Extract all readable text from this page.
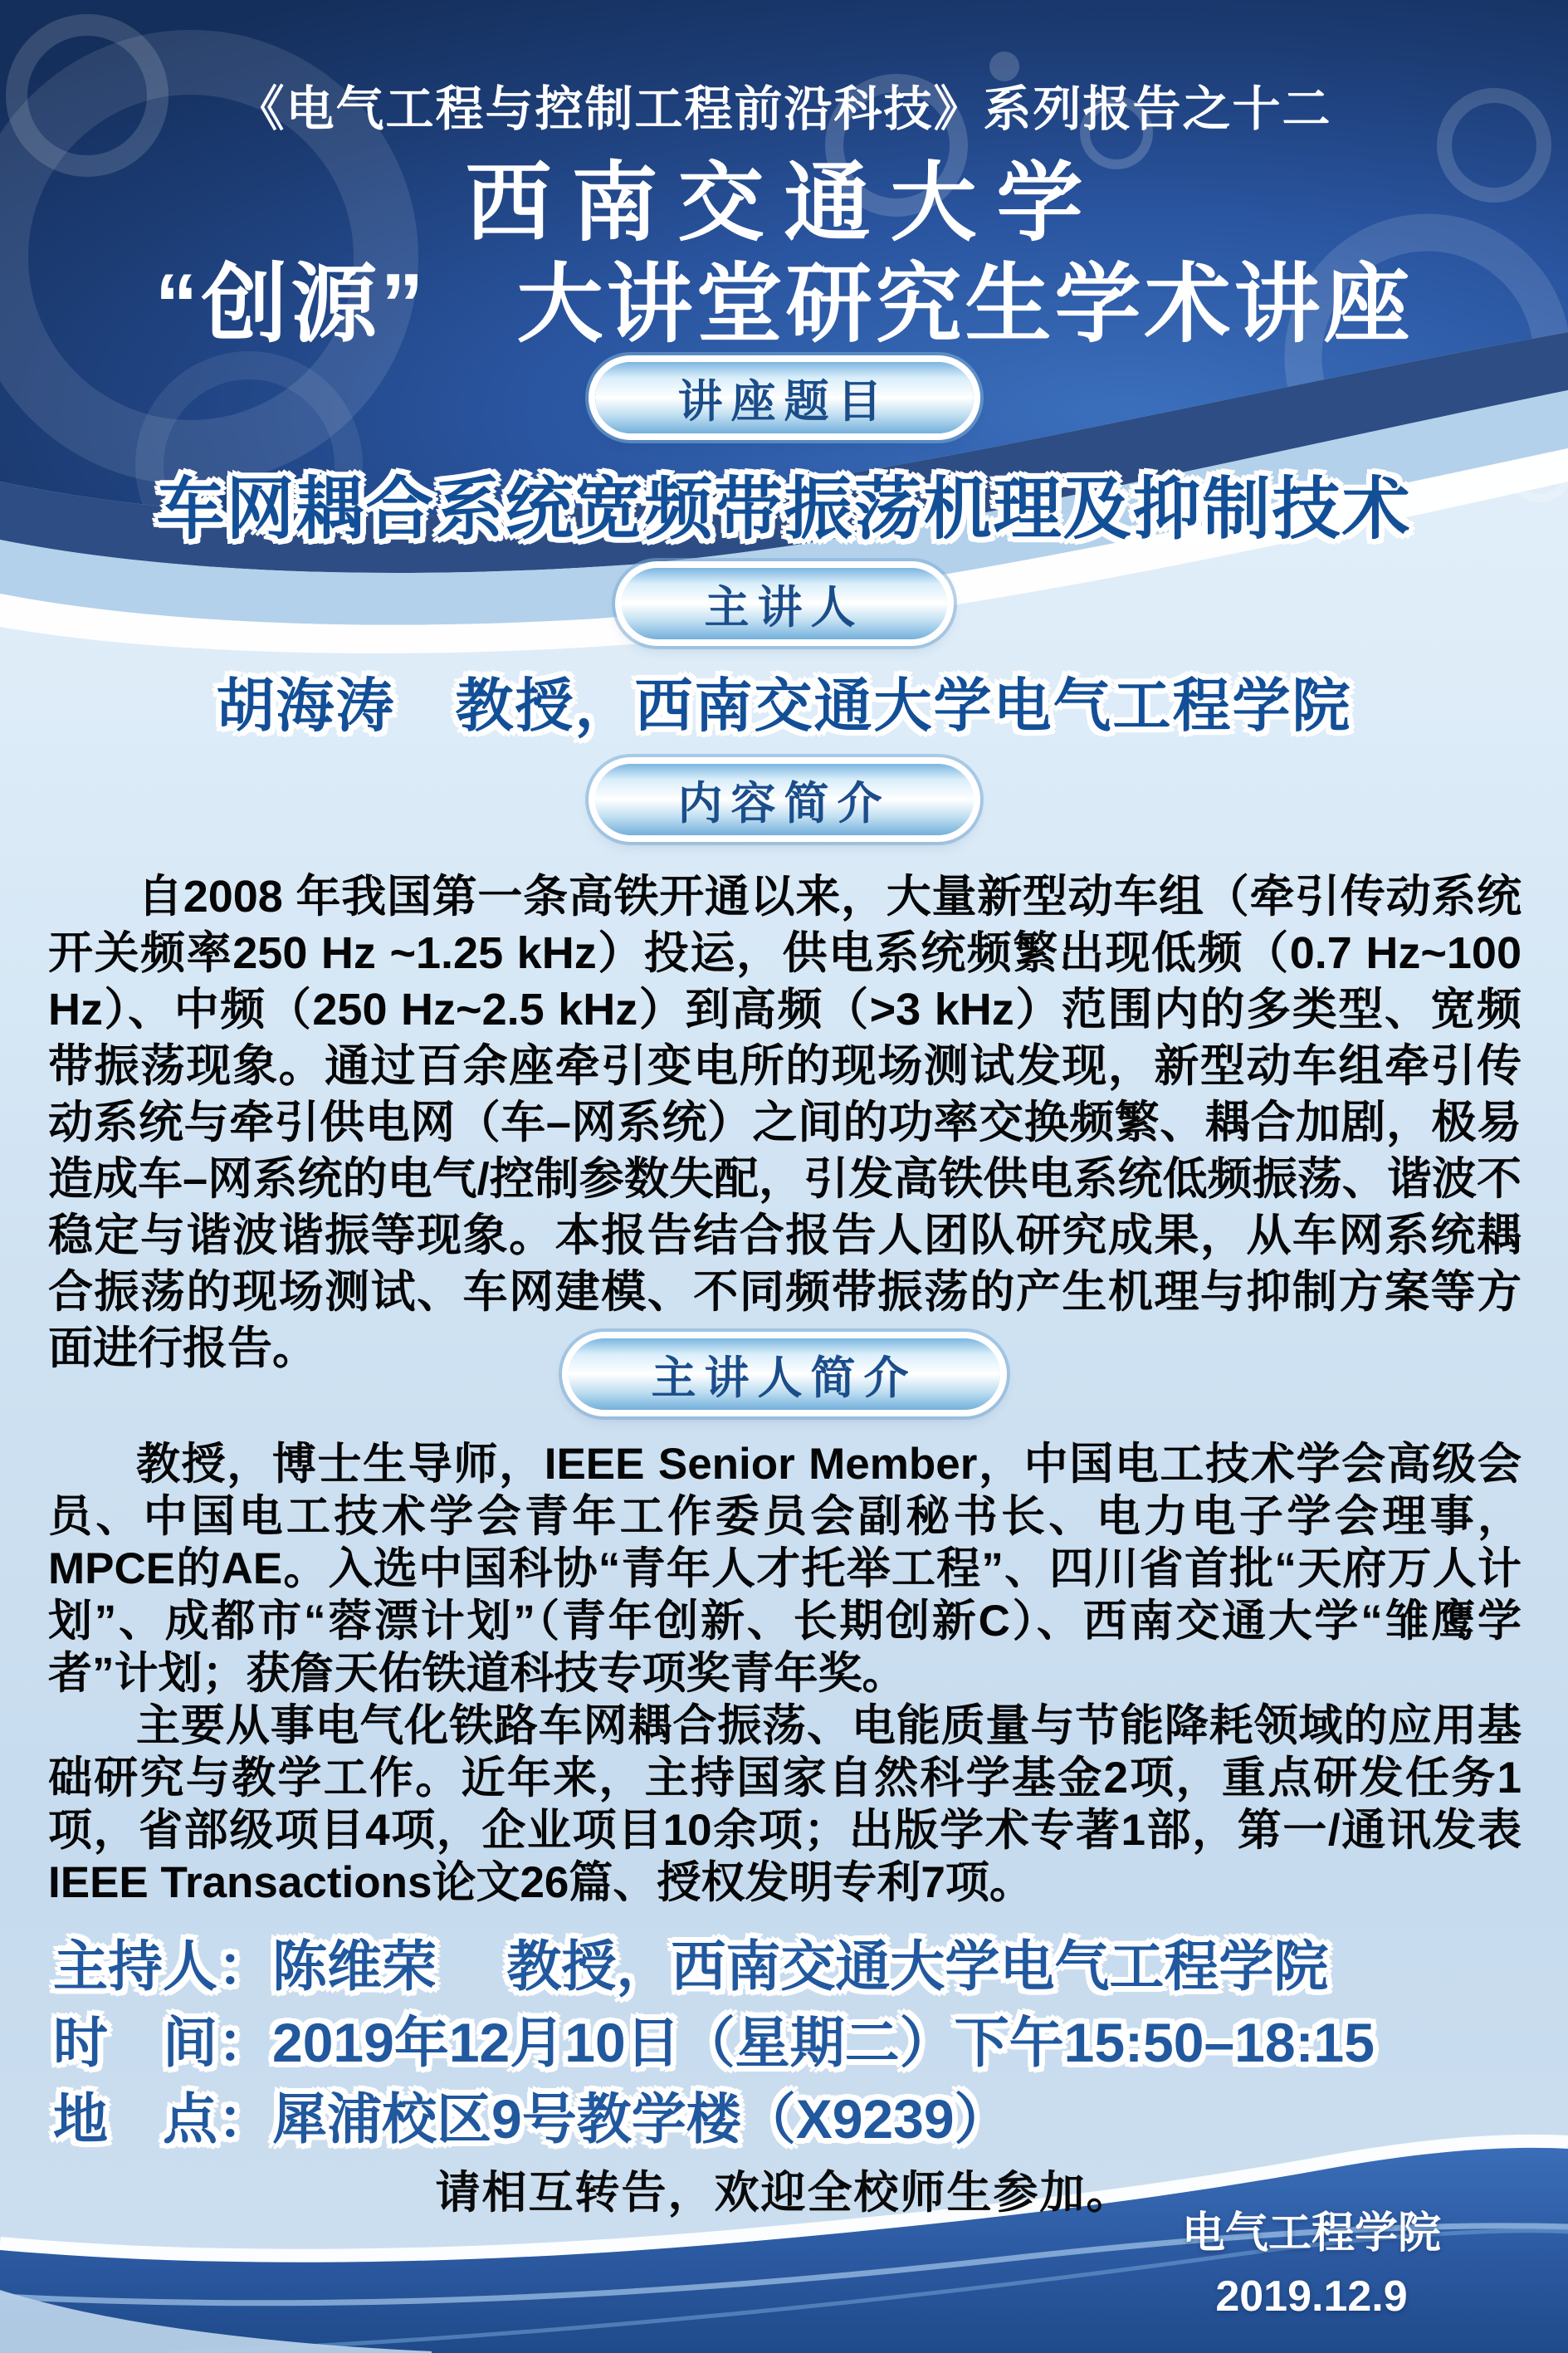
《电气工程与控制工程前沿科技》系列报告之十二
西南交通大学
“创源”　大讲堂研究生学术讲座
讲座题目
车网耦合系统宽频带振荡机理及抑制技术
主讲人
胡海涛　教授，西南交通大学电气工程学院
内容简介
自2008 年我国第一条高铁开通以来，大量新型动车组（牵引传动系统开关频率250 Hz ~1.25 kHz）投运，供电系统频繁出现低频（0.7 Hz~100 Hz）、中频（250 Hz~2.5 kHz）到高频（>3 kHz）范围内的多类型、宽频带振荡现象。通过百余座牵引变电所的现场测试发现，新型动车组牵引传动系统与牵引供电网（车–网系统）之间的功率交换频繁、耦合加剧，极易造成车–网系统的电气/控制参数失配，引发高铁供电系统低频振荡、谐波不稳定与谐波谐振等现象。本报告结合报告人团队研究成果，从车网系统耦合振荡的现场测试、车网建模、不同频带振荡的产生机理与抑制方案等方面进行报告。
主讲人简介

教授，博士生导师，IEEE Senior Member，中国电工技术学会高级会员、中国电工技术学会青年工作委员会副秘书长、电力电子学会理事，MPCE的AE。入选中国科协“青年人才托举工程”、四川省首批“天府万人计划”、成都市“蓉漂计划”（青年创新、长期创新C）、西南交通大学“雏鹰学者”计划；获詹天佑铁道科技专项奖青年奖。

主要从事电气化铁路车网耦合振荡、电能质量与节能降耗领域的应用基础研究与教学工作。近年来，主持国家自然科学基金2项，重点研发任务1项，省部级项目4项，企业项目10余项；出版学术专著1部，第一/通讯发表IEEE Transactions论文26篇、授权发明专利7项。

主持人：陈维荣　 教授，西南交通大学电气工程学院
时　间：2019年12月10日（星期二）下午15:50–18:15
地　点：犀浦校区9号教学楼（X9239）
请相互转告，欢迎全校师生参加。
电气工程学院
2019.12.9
